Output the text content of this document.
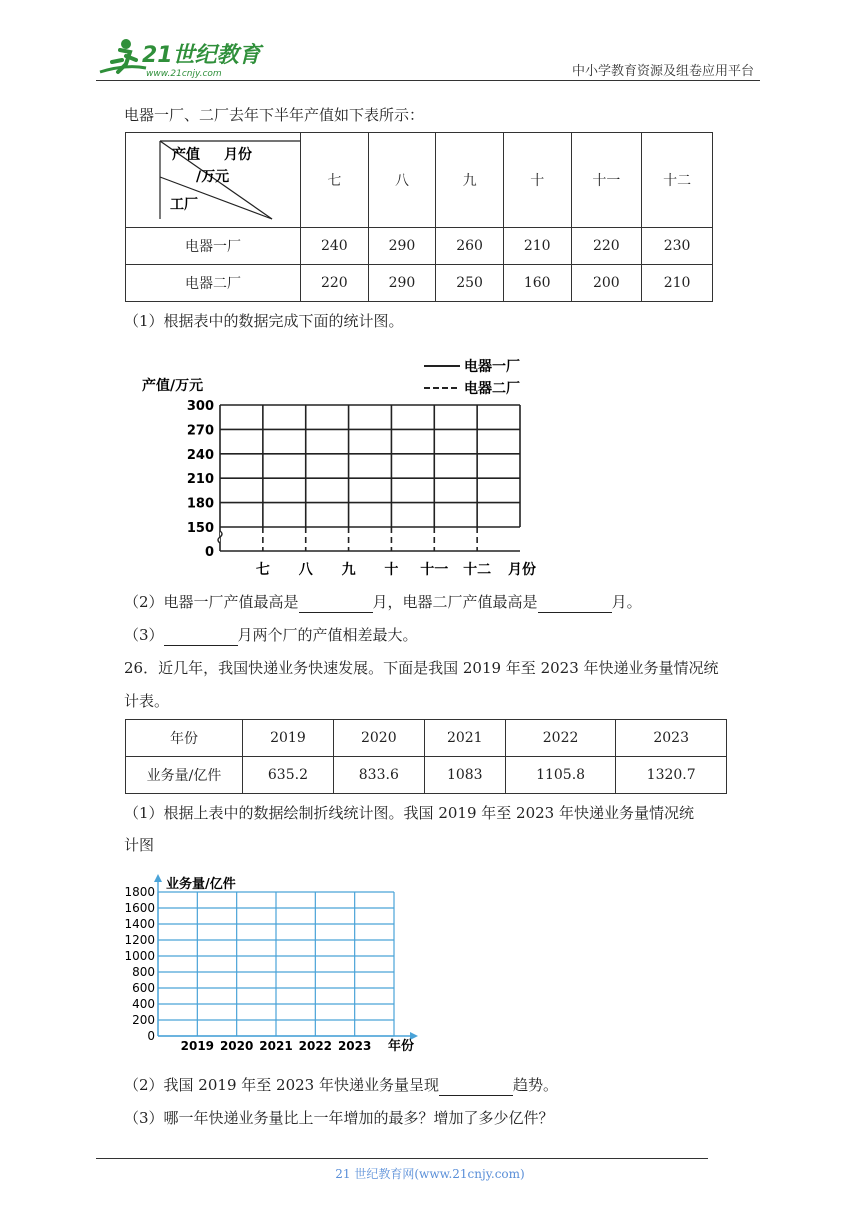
21世纪教育
www.21cnjy.com	中小学教育资源及组卷应用平台
电器一厂、二厂去年下半年产值如下表所示：
产值 月份
/万元
工厂	七	八	九	十	十一	十二
电器一厂	240	290	260	210	220	230
电器二厂	220	290	250	160	200	210
（1）根据表中的数据完成下面的统计图。
产值/万元
电器一厂
电器二厂
300
270
240
210
180
150
0
七 八 九 十 十一 十二 月份
（2）电器一厂产值最高是	月，电器二厂产值最高是	月。
（3）	月两个厂的产值相差最大。
26．近几年，我国快递业务快速发展。下面是我国 2019 年至 2023 年快递业务量情况统
计表。
年份	2019	2020	2021	2022	2023
业务量/亿件	635.2	833.6	1083	1105.8	1320.7
（1）根据上表中的数据绘制折线统计图。我国 2019 年至 2023 年快递业务量情况统
计图
业务量/亿件
1800
1600
1400
1200
1000
800
600
400
200
0
2019 2020 2021 2022 2023 年份
（2）我国 2019 年至 2023 年快递业务量呈现	趋势。
（3）哪一年快递业务量比上一年增加的最多？增加了多少亿件？
21 世纪教育网(www.21cnjy.com)
